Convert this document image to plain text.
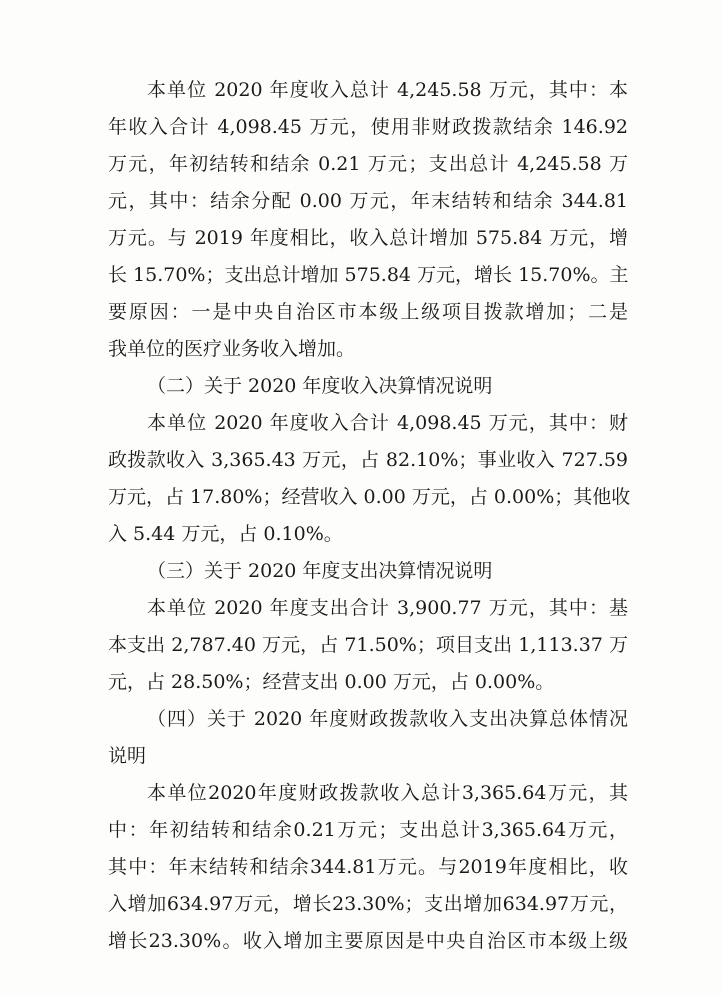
本单位 2020 年度收入总计 4,245.58 万元，其中：本
年收入合计 4,098.45 万元，使用非财政拨款结余 146.92
万元，年初结转和结余 0.21 万元；支出总计 4,245.58 万
元，其中：结余分配 0.00 万元，年末结转和结余 344.81
万元。与 2019 年度相比，收入总计增加 575.84 万元，增
长 15.70%；支出总计增加 575.84 万元，增长 15.70%。主
要原因：一是中央自治区市本级上级项目拨款增加；二是
我单位的医疗业务收入增加。
（二）关于 2020 年度收入决算情况说明
本单位 2020 年度收入合计 4,098.45 万元，其中：财
政拨款收入 3,365.43 万元，占 82.10%；事业收入 727.59
万元，占 17.80%；经营收入 0.00 万元，占 0.00%；其他收
入 5.44 万元，占 0.10%。
（三）关于 2020 年度支出决算情况说明
本单位 2020 年度支出合计 3,900.77 万元，其中：基
本支出 2,787.40 万元，占 71.50%；项目支出 1,113.37 万
元，占 28.50%；经营支出 0.00 万元，占 0.00%。
（四）关于 2020 年度财政拨款收入支出决算总体情况
说明
本单位2020年度财政拨款收入总计3,365.64万元，其
中：年初结转和结余0.21万元；支出总计3,365.64万元，
其中：年末结转和结余344.81万元。与2019年度相比，收
入增加634.97万元，增长23.30%；支出增加634.97万元，
增长23.30%。收入增加主要原因是中央自治区市本级上级
